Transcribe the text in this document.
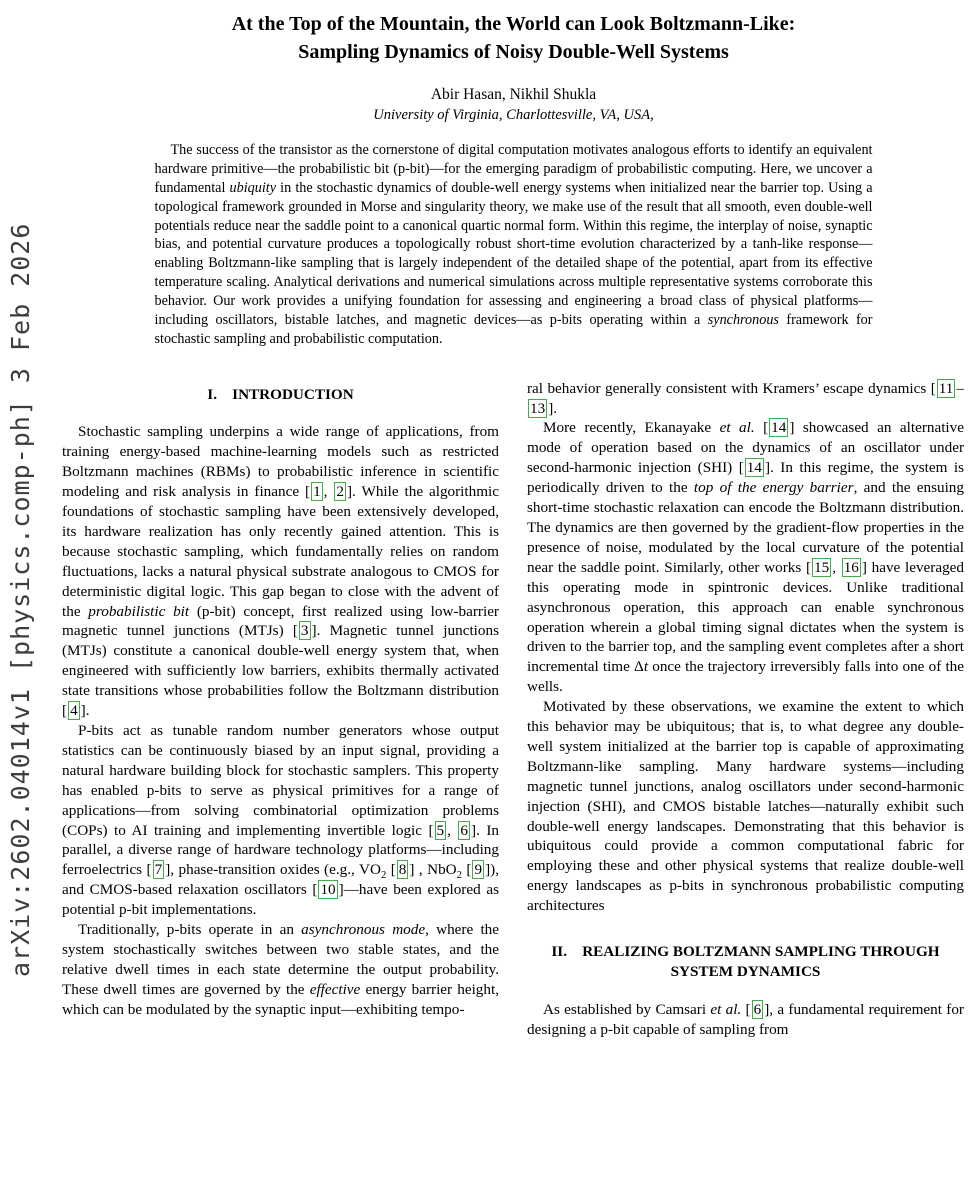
arXiv:2602.04014v1 [physics.comp-ph] 3 Feb 2026
At the Top of the Mountain, the World can Look Boltzmann-Like:
Sampling Dynamics of Noisy Double-Well Systems
Abir Hasan, Nikhil Shukla
University of Virginia, Charlottesville, VA, USA,

The success of the transistor as the cornerstone of digital computation motivates analogous efforts to identify an equivalent hardware primitive—the probabilistic bit (p-bit)—for the emerging paradigm of probabilistic computing. Here, we uncover a fundamental ubiquity in the stochastic dynamics of double-well energy systems when initialized near the barrier top. Using a topological framework grounded in Morse and singularity theory, we make use of the result that all smooth, even double-well potentials reduce near the saddle point to a canonical quartic normal form. Within this regime, the interplay of noise, synaptic bias, and potential curvature produces a topologically robust short-time evolution characterized by a tanh-like response—enabling Boltzmann-like sampling that is largely independent of the detailed shape of the potential, apart from its effective temperature scaling. Analytical derivations and numerical simulations across multiple representative systems corroborate this behavior. Our work provides a unifying foundation for assessing and engineering a broad class of physical platforms—including oscillators, bistable latches, and magnetic devices—as p-bits operating within a synchronous framework for stochastic sampling and probabilistic computation.

I. INTRODUCTION

Stochastic sampling underpins a wide range of applications, from training energy-based machine-learning models such as restricted Boltzmann machines (RBMs) to probabilistic inference in scientific modeling and risk analysis in finance [ 1 , 2 ]. While the algorithmic foundations of stochastic sampling have been extensively developed, its hardware realization has only recently gained attention. This is because stochastic sampling, which fundamentally relies on random fluctuations, lacks a natural physical substrate analogous to CMOS for deterministic digital logic. This gap began to close with the advent of the probabilistic bit (p-bit) concept, first realized using low-barrier magnetic tunnel junctions (MTJs) [ 3 ]. Magnetic tunnel junctions (MTJs) constitute a canonical double-well energy system that, when engineered with sufficiently low barriers, exhibits thermally activated state transitions whose probabilities follow the Boltzmann distribution [ 4 ].

P-bits act as tunable random number generators whose output statistics can be continuously biased by an input signal, providing a natural hardware building block for stochastic samplers. This property has enabled p-bits to serve as physical primitives for a range of applications—from solving combinatorial optimization problems (COPs) to AI training and implementing invertible logic [ 5 , 6 ]. In parallel, a diverse range of hardware technology platforms—including ferroelectrics [ 7 ], phase-transition oxides (e.g., $VO_2$ [ 8 ] , NbO$_2$ [ 9 ]), and CMOS-based relaxation oscillators [ 10 ]—have been explored as potential p-bit implementations.

Traditionally, p-bits operate in an asynchronous mode, where the system stochastically switches between two stable states, and the relative dwell times in each state determine the output probability. These dwell times are governed by the effective energy barrier height, which can be modulated by the synaptic input—exhibiting tempo-

ral behavior generally consistent with Kramers’ escape dynamics [ 11 –13 ].

More recently, Ekanayake et al. [ 14 ] showcased an alternative mode of operation based on the dynamics of an oscillator under second-harmonic injection (SHI) [ 14 ]. In this regime, the system is periodically driven to the top of the energy barrier, and the ensuing short-time stochastic relaxation can encode the Boltzmann distribution. The dynamics are then governed by the gradient-flow properties in the presence of noise, modulated by the local curvature of the potential near the saddle point. Similarly, other works [ 15 , 16 ] have leveraged this operating mode in spintronic devices. Unlike traditional asynchronous operation, this approach can enable synchronous operation wherein a global timing signal dictates when the system is driven to the barrier top, and the sampling event completes after a short incremental time Δt once the trajectory irreversibly falls into one of the wells.

Motivated by these observations, we examine the extent to which this behavior may be ubiquitous; that is, to what degree any double-well system initialized at the barrier top is capable of approximating Boltzmann-like sampling. Many hardware systems—including magnetic tunnel junctions, analog oscillators under second-harmonic injection (SHI), and CMOS bistable latches—naturally exhibit such double-well energy landscapes. Demonstrating that this behavior is ubiquitous could provide a common computational fabric for employing these and other physical systems that realize double-well energy landscapes as p-bits in synchronous probabilistic computing architectures

II. REALIZING BOLTZMANN SAMPLING THROUGH SYSTEM DYNAMICS

As established by Camsari et al. [ 6 ], a fundamental requirement for designing a p-bit capable of sampling from
